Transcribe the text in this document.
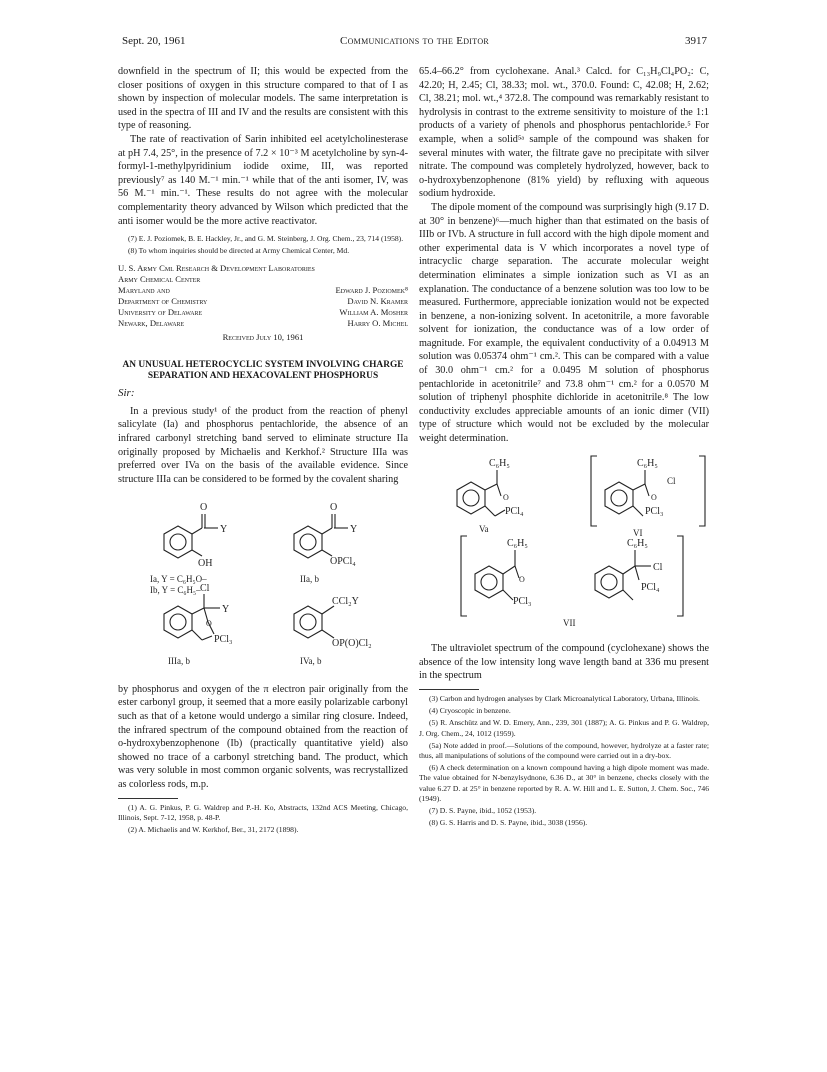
Sept. 20, 1961	Communications to the Editor	3917

downfield in the spectrum of II; this would be expected from the closer positions of oxygen in this structure compared to that of I as shown by inspection of molecular models. The same interpretation is used in the spectra of III and IV and the results are consistent with this type of reasoning.

The rate of reactivation of Sarin inhibited eel acetylcholinesterase at pH 7.4, 25°, in the presence of 7.2 × 10⁻³ M acetylcholine by syn-4-formyl-1-methylpyridinium iodide oxime, III, was reported previously⁷ as 140 M.⁻¹ min.⁻¹ while that of the anti isomer, IV, was 56 M.⁻¹ min.⁻¹. These results do not agree with the molecular complementarity theory advanced by Wilson which predicted that the anti isomer would be the more active reactivator.

(7) E. J. Poziomek, B. E. Hackley, Jr., and G. M. Steinberg, J. Org. Chem., 23, 714 (1958).
(8) To whom inquiries should be directed at Army Chemical Center, Md.
U. S. Army Cml Research & Development Laboratories
Army Chemical Center
Maryland and	Edward J. Poziomek⁸
Department of Chemistry	David N. Kramer
University of Delaware	William A. Mosher
Newark, Delaware	Harry O. Michel
Received July 10, 1961
AN UNUSUAL HETEROCYCLIC SYSTEM INVOLVING CHARGE SEPARATION AND HEXACOVALENT PHOSPHORUS
Sir:

In a previous study¹ of the product from the reaction of phenyl salicylate (Ia) and phosphorus pentachloride, the absence of an infrared carbonyl stretching band served to eliminate structure IIa originally proposed by Michaelis and Kerkhof.² Structure IIIa was preferred over IVa on the basis of the available evidence. Since structure IIIa can be considered to be formed by the covalent sharing

O
Y
OH
Ia, Y = C₆H₅O–
Ib, Y = C₆H₅–
O
Y
OPCl₄
IIa, b
Cl
Y
O
PCl₃
IIIa, b
CCl₂Y
OP(O)Cl₂
IVa, b

by phosphorus and oxygen of the π electron pair originally from the ester carbonyl group, it seemed that a more easily polarizable carbonyl such as that of a ketone would undergo a similar ring closure. Indeed, the infrared spectrum of the compound obtained from the reaction of o-hydroxybenzophenone (Ib) (practically quantitative yield) also showed no trace of a carbonyl stretching band. The product, which was very soluble in most common organic solvents, was recrystallized as colorless rods, m.p.

(1) A. G. Pinkus, P. G. Waldrep and P.-H. Ko, Abstracts, 132nd ACS Meeting, Chicago, Illinois, Sept. 7-12, 1958, p. 48-P.
(2) A. Michaelis and W. Kerkhof, Ber., 31, 2172 (1898).

65.4–66.2° from cyclohexane. Anal.³ Calcd. for C₁₃H₉Cl₄PO₂: C, 42.20; H, 2.45; Cl, 38.33; mol. wt., 370.0. Found: C, 42.08; H, 2.62; Cl, 38.21; mol. wt.,⁴ 372.8. The compound was remarkably resistant to hydrolysis in contrast to the extreme sensitivity to moisture of the 1:1 products of a variety of phenols and phosphorus pentachloride.⁵ For example, when a solid⁵ᵃ sample of the compound was shaken for several minutes with water, the filtrate gave no precipitate with silver nitrate. The compound was completely hydrolyzed, however, back to o-hydroxybenzophenone (81% yield) by refluxing with aqueous sodium hydroxide.

The dipole moment of the compound was surprisingly high (9.17 D. at 30° in benzene)⁶—much higher than that estimated on the basis of IIIb or IVb. A structure in full accord with the high dipole moment and other experimental data is V which incorporates a novel type of intracyclic charge separation. The accurate molecular weight determination eliminates a simple ionization such as VI as an explanation. The conductance of a benzene solution was too low to be measured. Furthermore, appreciable ionization would not be expected in benzene, a non-ionizing solvent. In acetonitrile, a more favorable solvent for ionization, the conductance was of a low order of magnitude. For example, the equivalent conductivity of a 0.04913 M solution was 0.05374 ohm⁻¹ cm.². This can be compared with a value of 30.0 ohm⁻¹ cm.² for a 0.0495 M solution of phosphorus pentachloride in acetonitrile⁷ and 73.8 ohm⁻¹ cm.² for a 0.0570 M solution of triphenyl phosphite dichloride in acetonitrile.⁸ The low conductivity excludes appreciable amounts of an ionic dimer (VII) type of structure which would not be excluded by the molecular weight determination.

C₆H₅
O
PCl₄
Va
C₆H₅
O
PCl₃
Cl
VI
C₆H₅
O
PCl₃
C₆H₅
Cl
PCl₄
VII

The ultraviolet spectrum of the compound (cyclohexane) shows the absence of the low intensity long wave length band at 336 mu present in the spectrum

(3) Carbon and hydrogen analyses by Clark Microanalytical Laboratory, Urbana, Illinois.
(4) Cryoscopic in benzene.
(5) R. Anschütz and W. D. Emery, Ann., 239, 301 (1887); A. G. Pinkus and P. G. Waldrep, J. Org. Chem., 24, 1012 (1959).
(5a) Note added in proof.—Solutions of the compound, however, hydrolyze at a faster rate; thus, all manipulations of solutions of the compound were carried out in a dry-box.
(6) A check determination on a known compound having a high dipole moment was made. The value obtained for N-benzylsydnone, 6.36 D., at 30° in benzene, checks closely with the value 6.27 D. at 25° in benzene reported by R. A. W. Hill and L. E. Sutton, J. Chem. Soc., 746 (1949).
(7) D. S. Payne, ibid., 1052 (1953).
(8) G. S. Harris and D. S. Payne, ibid., 3038 (1956).
